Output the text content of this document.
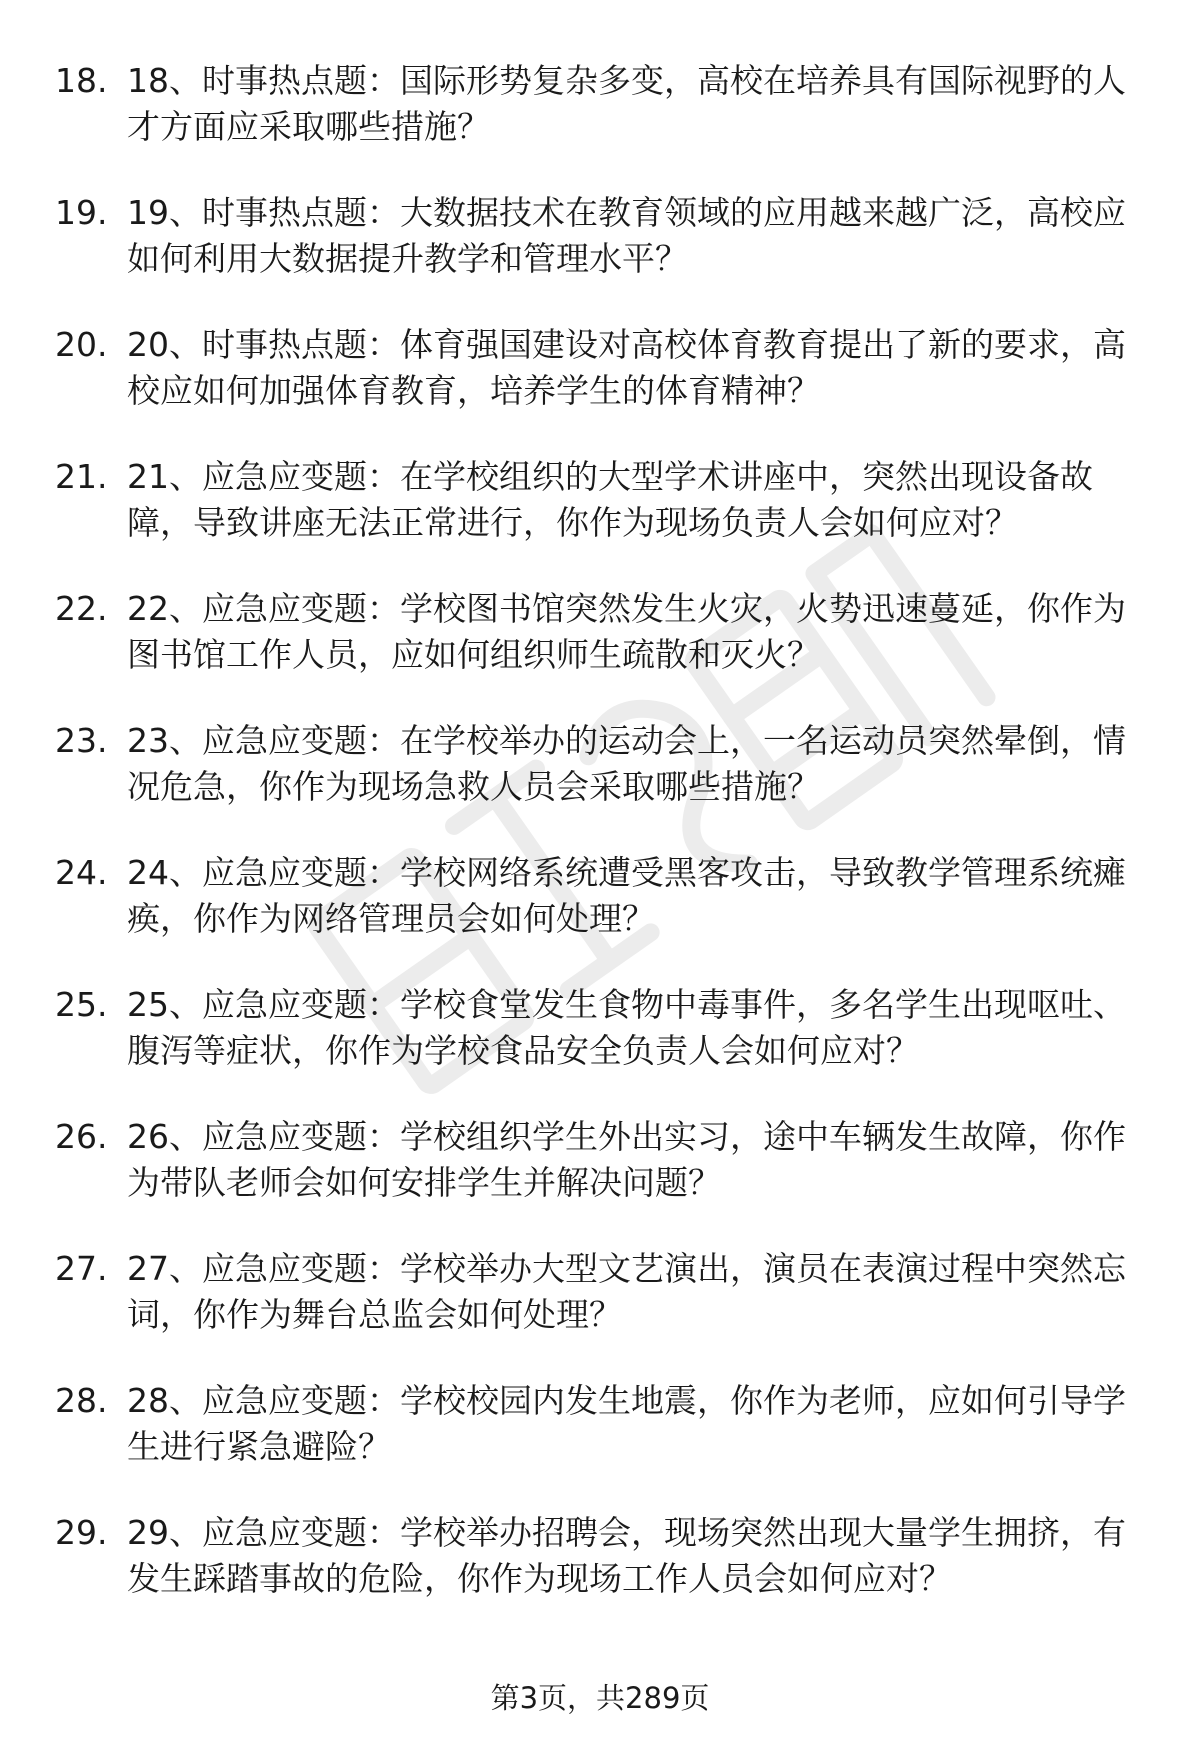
18. 18、时事热点题：国际形势复杂多变，高校在培养具有国际视野的人才方面应采取哪些措施？
19. 19、时事热点题：大数据技术在教育领域的应用越来越广泛，高校应如何利用大数据提升教学和管理水平？
20. 20、时事热点题：体育强国建设对高校体育教育提出了新的要求，高校应如何加强体育教育，培养学生的体育精神？
21. 21、应急应变题：在学校组织的大型学术讲座中，突然出现设备故障，导致讲座无法正常进行，你作为现场负责人会如何应对？
22. 22、应急应变题：学校图书馆突然发生火灾，火势迅速蔓延，你作为图书馆工作人员，应如何组织师生疏散和灭火？
23. 23、应急应变题：在学校举办的运动会上，一名运动员突然晕倒，情况危急，你作为现场急救人员会采取哪些措施？
24. 24、应急应变题：学校网络系统遭受黑客攻击，导致教学管理系统瘫痪，你作为网络管理员会如何处理？
25. 25、应急应变题：学校食堂发生食物中毒事件，多名学生出现呕吐、腹泻等症状，你作为学校食品安全负责人会如何应对？
26. 26、应急应变题：学校组织学生外出实习，途中车辆发生故障，你作为带队老师会如何安排学生并解决问题？
27. 27、应急应变题：学校举办大型文艺演出，演员在表演过程中突然忘词，你作为舞台总监会如何处理？
28. 28、应急应变题：学校校园内发生地震，你作为老师，应如何引导学生进行紧急避险？
29. 29、应急应变题：学校举办招聘会，现场突然出现大量学生拥挤，有发生踩踏事故的危险，你作为现场工作人员会如何应对？
第3页，共289页
